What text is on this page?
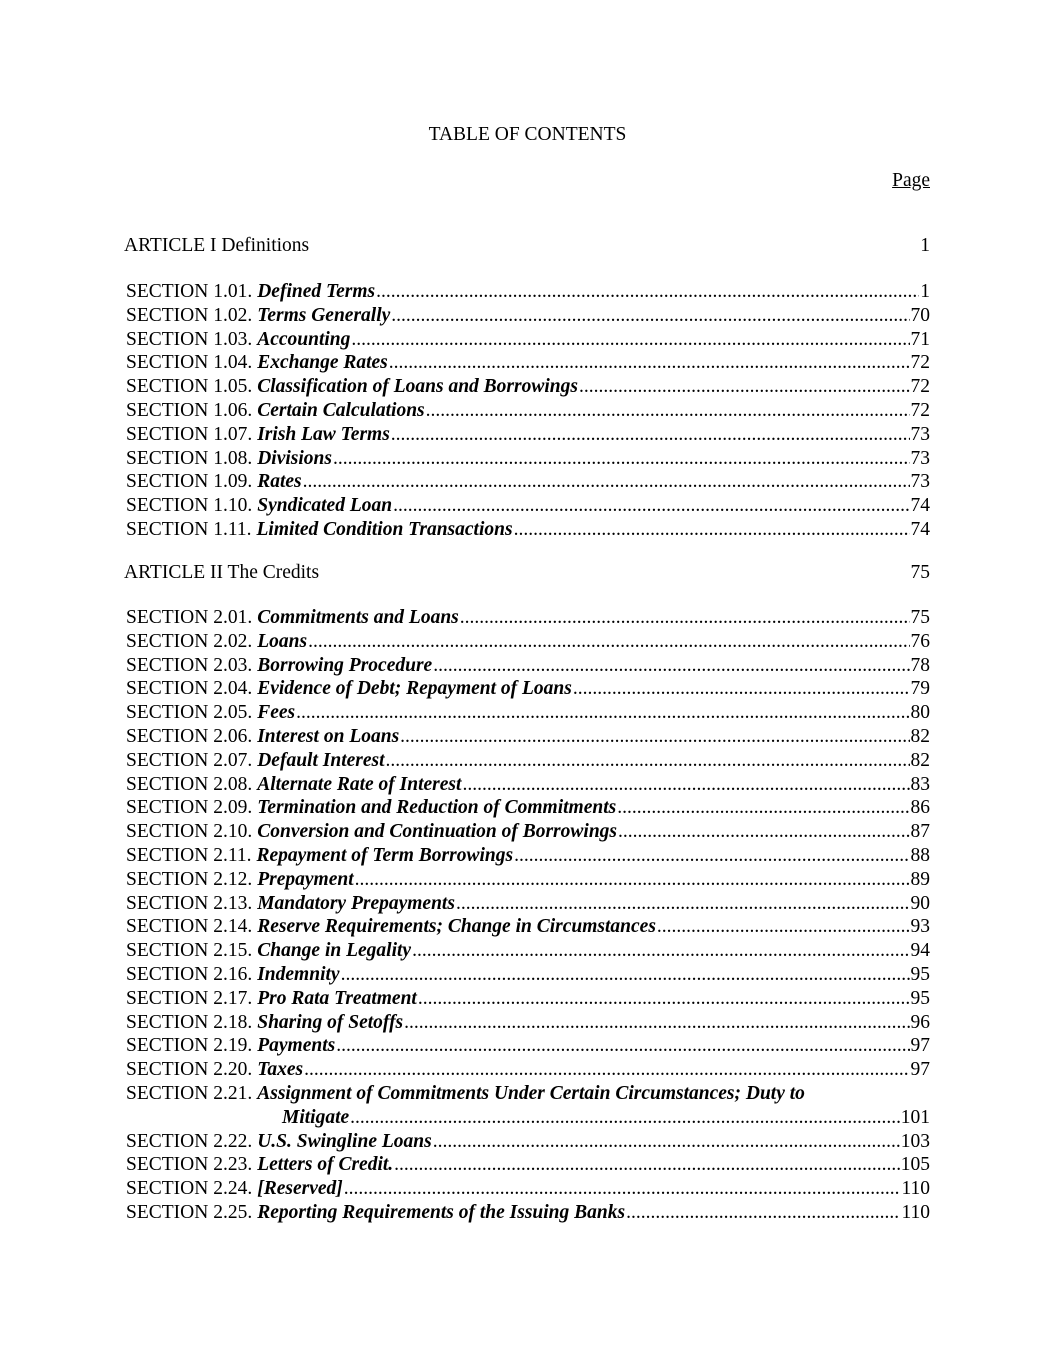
TABLE OF CONTENTS
Page
ARTICLE I Definitions	1
SECTION 1.01. Defined Terms .....	1
SECTION 1.02. Terms Generally .....	70
SECTION 1.03. Accounting .....	71
SECTION 1.04. Exchange Rates .....	72
SECTION 1.05. Classification of Loans and Borrowings .....	72
SECTION 1.06. Certain Calculations .....	72
SECTION 1.07. Irish Law Terms .....	73
SECTION 1.08. Divisions .....	73
SECTION 1.09. Rates .....	73
SECTION 1.10. Syndicated Loan .....	74
SECTION 1.11. Limited Condition Transactions .....	74
ARTICLE II The Credits	75
SECTION 2.01. Commitments and Loans .....	75
SECTION 2.02. Loans .....	76
SECTION 2.03. Borrowing Procedure .....	78
SECTION 2.04. Evidence of Debt; Repayment of Loans .....	79
SECTION 2.05. Fees .....	80
SECTION 2.06. Interest on Loans .....	82
SECTION 2.07. Default Interest .....	82
SECTION 2.08. Alternate Rate of Interest .....	83
SECTION 2.09. Termination and Reduction of Commitments .....	86
SECTION 2.10. Conversion and Continuation of Borrowings .....	87
SECTION 2.11. Repayment of Term Borrowings .....	88
SECTION 2.12. Prepayment .....	89
SECTION 2.13. Mandatory Prepayments .....	90
SECTION 2.14. Reserve Requirements; Change in Circumstances .....	93
SECTION 2.15. Change in Legality .....	94
SECTION 2.16. Indemnity .....	95
SECTION 2.17. Pro Rata Treatment .....	95
SECTION 2.18. Sharing of Setoffs .....	96
SECTION 2.19. Payments .....	97
SECTION 2.20. Taxes .....	97
SECTION 2.21. Assignment of Commitments Under Certain Circumstances; Duty to
Mitigate .....	101
SECTION 2.22. U.S. Swingline Loans .....	103
SECTION 2.23. Letters of Credit. .....	105
SECTION 2.24. [Reserved] .....	110
SECTION 2.25. Reporting Requirements of the Issuing Banks .....	110
